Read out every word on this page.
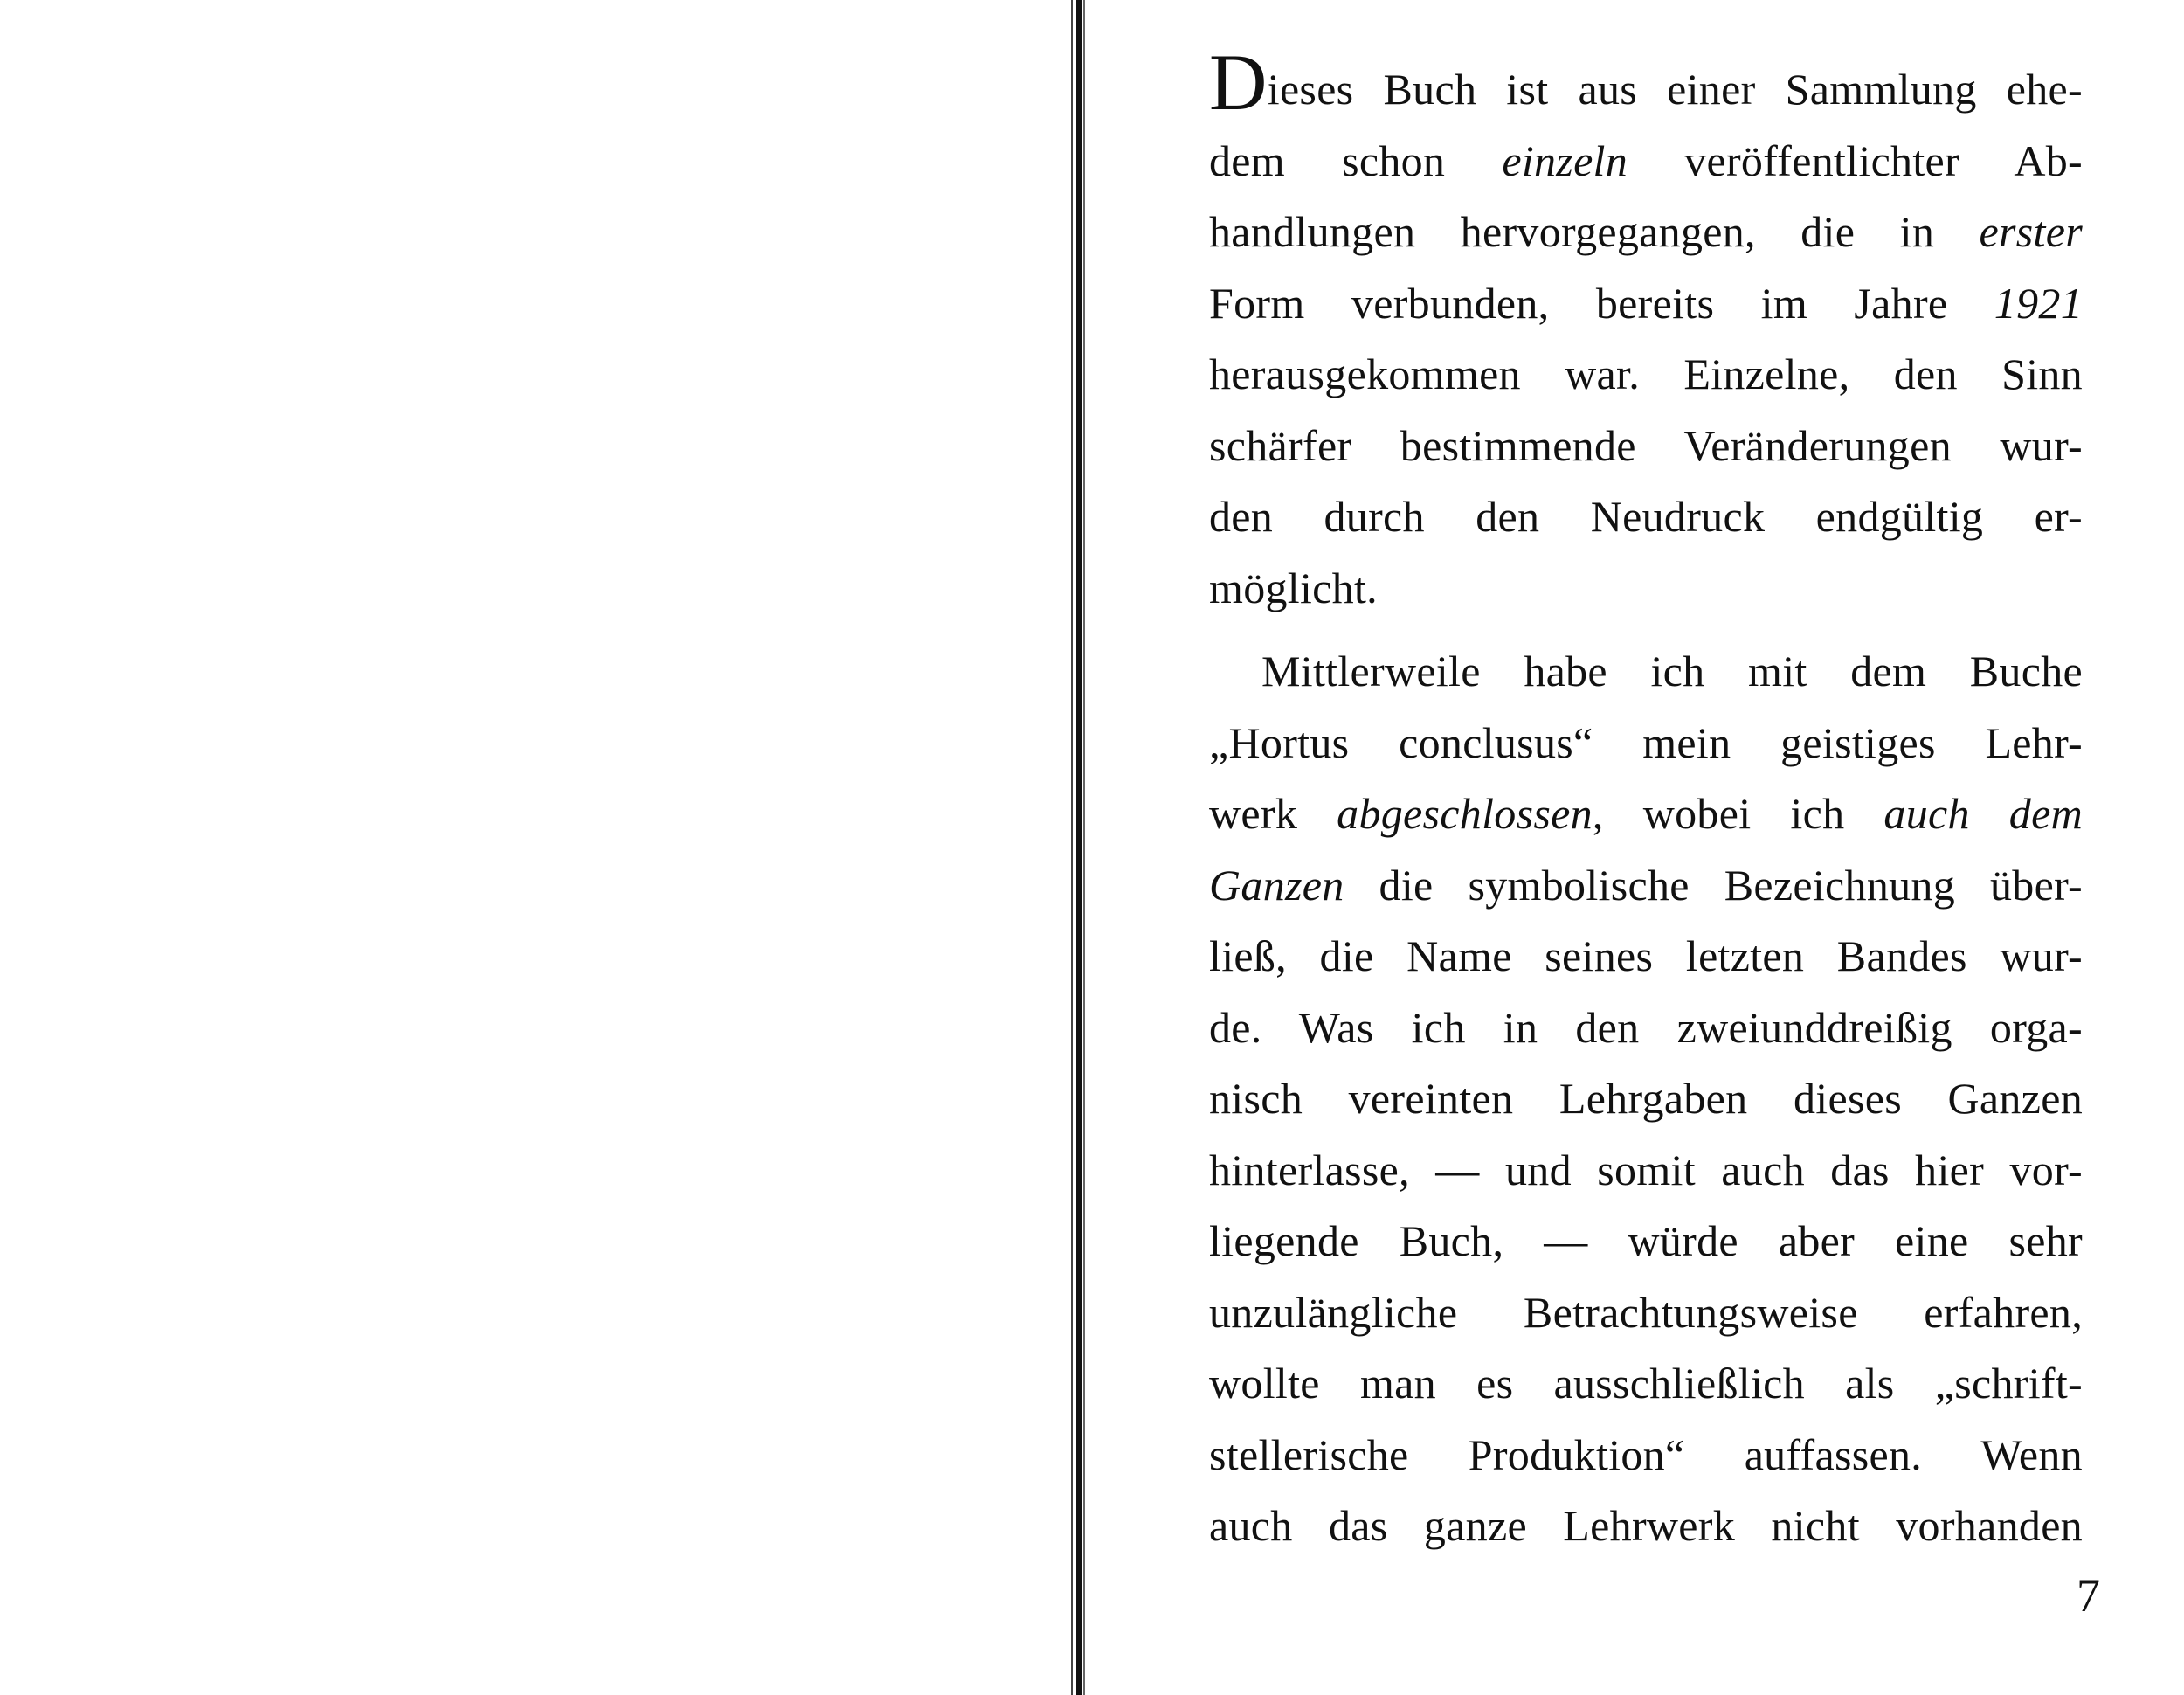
Dieses Buch ist aus einer Sammlung ehe-
dem schon einzeln veröffentlichter Ab-
handlungen hervorgegangen, die in erster
Form verbunden, bereits im Jahre 1921
herausgekommen war. Einzelne, den Sinn
schärfer bestimmende Veränderungen wur-
den durch den Neudruck endgültig er-
möglicht.
Mittlerweile habe ich mit dem Buche
„Hortus conclusus“ mein geistiges Lehr-
werk abgeschlossen, wobei ich auch dem
Ganzen die symbolische Bezeichnung über-
ließ, die Name seines letzten Bandes wur-
de. Was ich in den zweiunddreißig orga-
nisch vereinten Lehrgaben dieses Ganzen
hinterlasse, — und somit auch das hier vor-
liegende Buch, — würde aber eine sehr
unzulängliche Betrachtungsweise erfahren,
wollte man es ausschließlich als „schrift-
stellerische Produktion“ auffassen. Wenn
auch das ganze Lehrwerk nicht vorhanden
7
